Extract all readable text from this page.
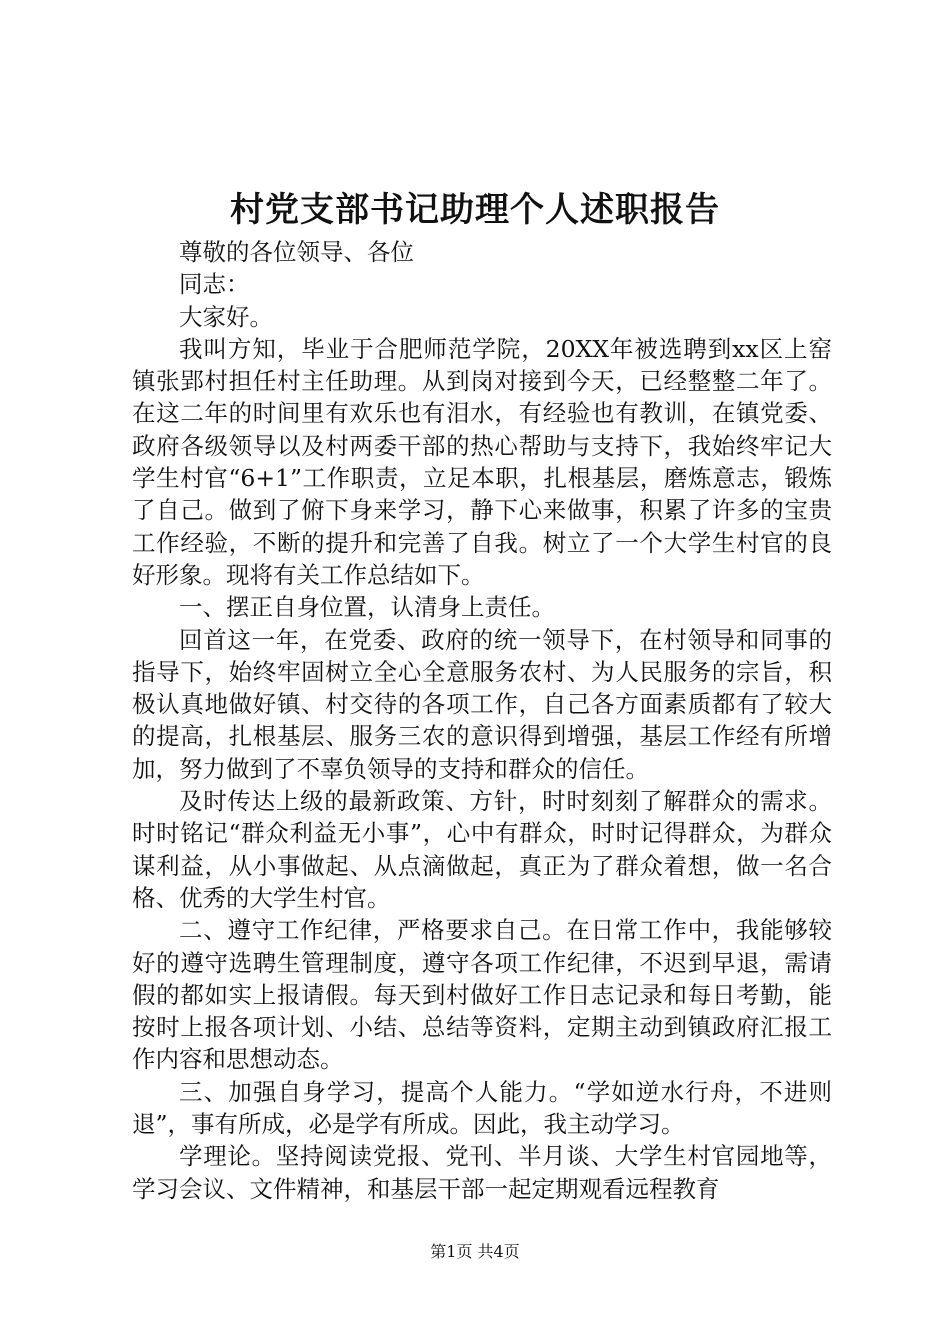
村党支部书记助理个人述职报告

尊敬的各位领导、各位

同志：

大家好。

我叫方知，毕业于合肥师范学院，20XX年被选聘到xx区上窑镇张郢村担任村主任助理。从到岗对接到今天，已经整整二年了。在这二年的时间里有欢乐也有泪水，有经验也有教训，在镇党委、政府各级领导以及村两委干部的热心帮助与支持下，我始终牢记大学生村官“6+1”工作职责，立足本职，扎根基层，磨炼意志，锻炼了自己。做到了俯下身来学习，静下心来做事，积累了许多的宝贵工作经验，不断的提升和完善了自我。树立了一个大学生村官的良好形象。现将有关工作总结如下。

一、摆正自身位置，认清身上责任。

回首这一年，在党委、政府的统一领导下，在村领导和同事的指导下，始终牢固树立全心全意服务农村、为人民服务的宗旨，积极认真地做好镇、村交待的各项工作，自己各方面素质都有了较大的提高，扎根基层、服务三农的意识得到增强，基层工作经有所增加，努力做到了不辜负领导的支持和群众的信任。

及时传达上级的最新政策、方针，时时刻刻了解群众的需求。时时铭记“群众利益无小事”，心中有群众，时时记得群众，为群众谋利益，从小事做起、从点滴做起，真正为了群众着想，做一名合格、优秀的大学生村官。

二、遵守工作纪律，严格要求自己。在日常工作中，我能够较好的遵守选聘生管理制度，遵守各项工作纪律，不迟到早退，需请假的都如实上报请假。每天到村做好工作日志记录和每日考勤，能按时上报各项计划、小结、总结等资料，定期主动到镇政府汇报工作内容和思想动态。

三、加强自身学习，提高个人能力。“学如逆水行舟，不进则退”，事有所成，必是学有所成。因此，我主动学习。

学理论。坚持阅读党报、党刊、半月谈、大学生村官园地等，学习会议、文件精神，和基层干部一起定期观看远程教育

第1页 共4页
